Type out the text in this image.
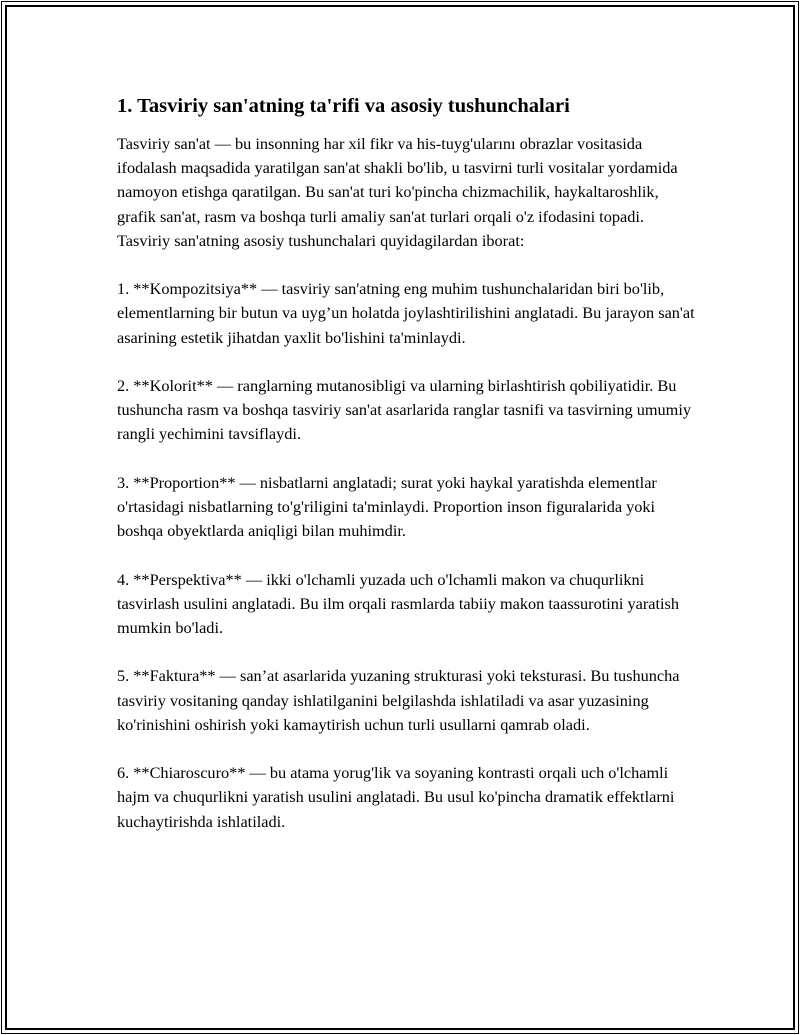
1. Tasviriy san'atning ta'rifi va asosiy tushunchalari

Tasviriy san'at — bu insonning har xil fikr va his-tuyg'ularını obrazlar vositasida ifodalash maqsadida yaratilgan san'at shakli bo'lib, u tasvirni turli vositalar yordamida namoyon etishga qaratilgan. Bu san'at turi ko'pincha chizmachilik, haykaltaroshlik, grafik san'at, rasm va boshqa turli amaliy san'at turlari orqali o'z ifodasini topadi. Tasviriy san'atning asosiy tushunchalari quyidagilardan iborat:

1. **Kompozitsiya** — tasviriy san'atning eng muhim tushunchalaridan biri bo'lib, elementlarning bir butun va uyg’un holatda joylashtirilishini anglatadi. Bu jarayon san'at asarining estetik jihatdan yaxlit bo'lishini ta'minlaydi.

2. **Kolorit** — ranglarning mutanosibligi va ularning birlashtirish qobiliyatidir. Bu tushuncha rasm va boshqa tasviriy san'at asarlarida ranglar tasnifi va tasvirning umumiy rangli yechimini tavsiflaydi.

3. **Proportion** — nisbatlarni anglatadi; surat yoki haykal yaratishda elementlar o'rtasidagi nisbatlarning to'g'riligini ta'minlaydi. Proportion inson figuralarida yoki boshqa obyektlarda aniqligi bilan muhimdir.

4. **Perspektiva** — ikki o'lchamli yuzada uch o'lchamli makon va chuqurlikni tasvirlash usulini anglatadi. Bu ilm orqali rasmlarda tabiiy makon taassurotini yaratish mumkin bo'ladi.

5. **Faktura** — san’at asarlarida yuzaning strukturasi yoki teksturasi. Bu tushuncha tasviriy vositaning qanday ishlatilganini belgilashda ishlatiladi va asar yuzasining ko'rinishini oshirish yoki kamaytirish uchun turli usullarni qamrab oladi.

6. **Chiaroscuro** — bu atama yorug'lik va soyaning kontrasti orqali uch o'lchamli hajm va chuqurlikni yaratish usulini anglatadi. Bu usul ko'pincha dramatik effektlarni kuchaytirishda ishlatiladi.
